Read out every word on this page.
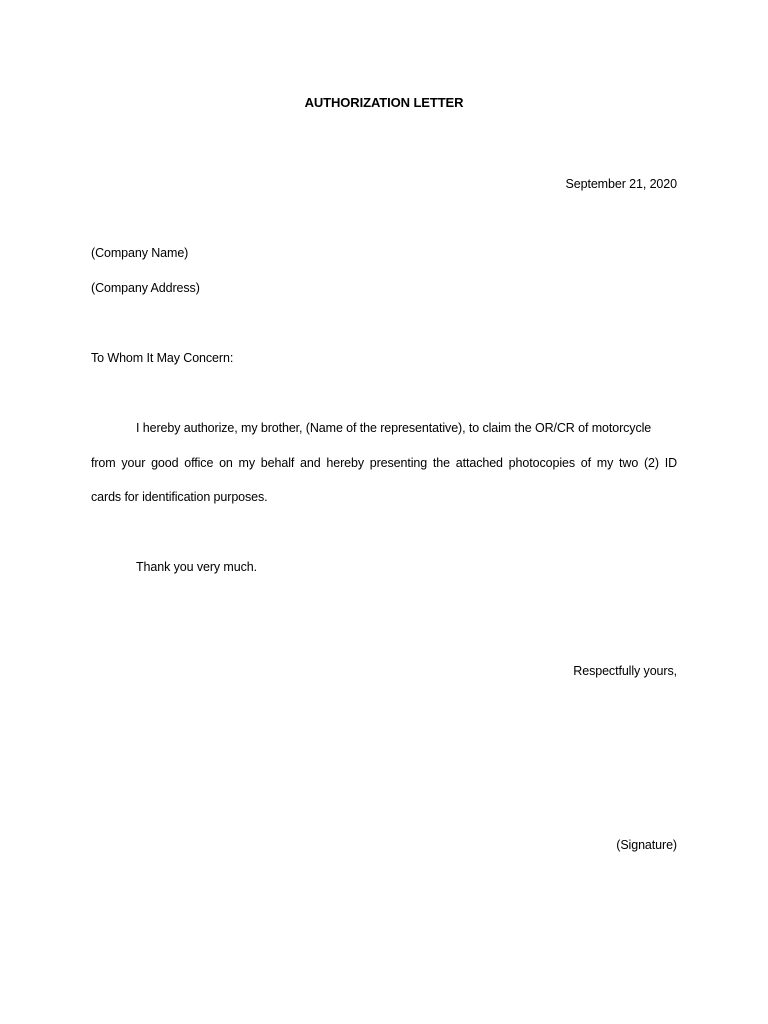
AUTHORIZATION LETTER
September 21, 2020
(Company Name)
(Company Address)
To Whom It May Concern:
I hereby authorize, my brother, (Name of the representative), to claim the OR/CR of motorcycle
from your good office on my behalf and hereby presenting the attached photocopies of my two (2) ID
cards for identification purposes.
Thank you very much.
Respectfully yours,
(Signature)
